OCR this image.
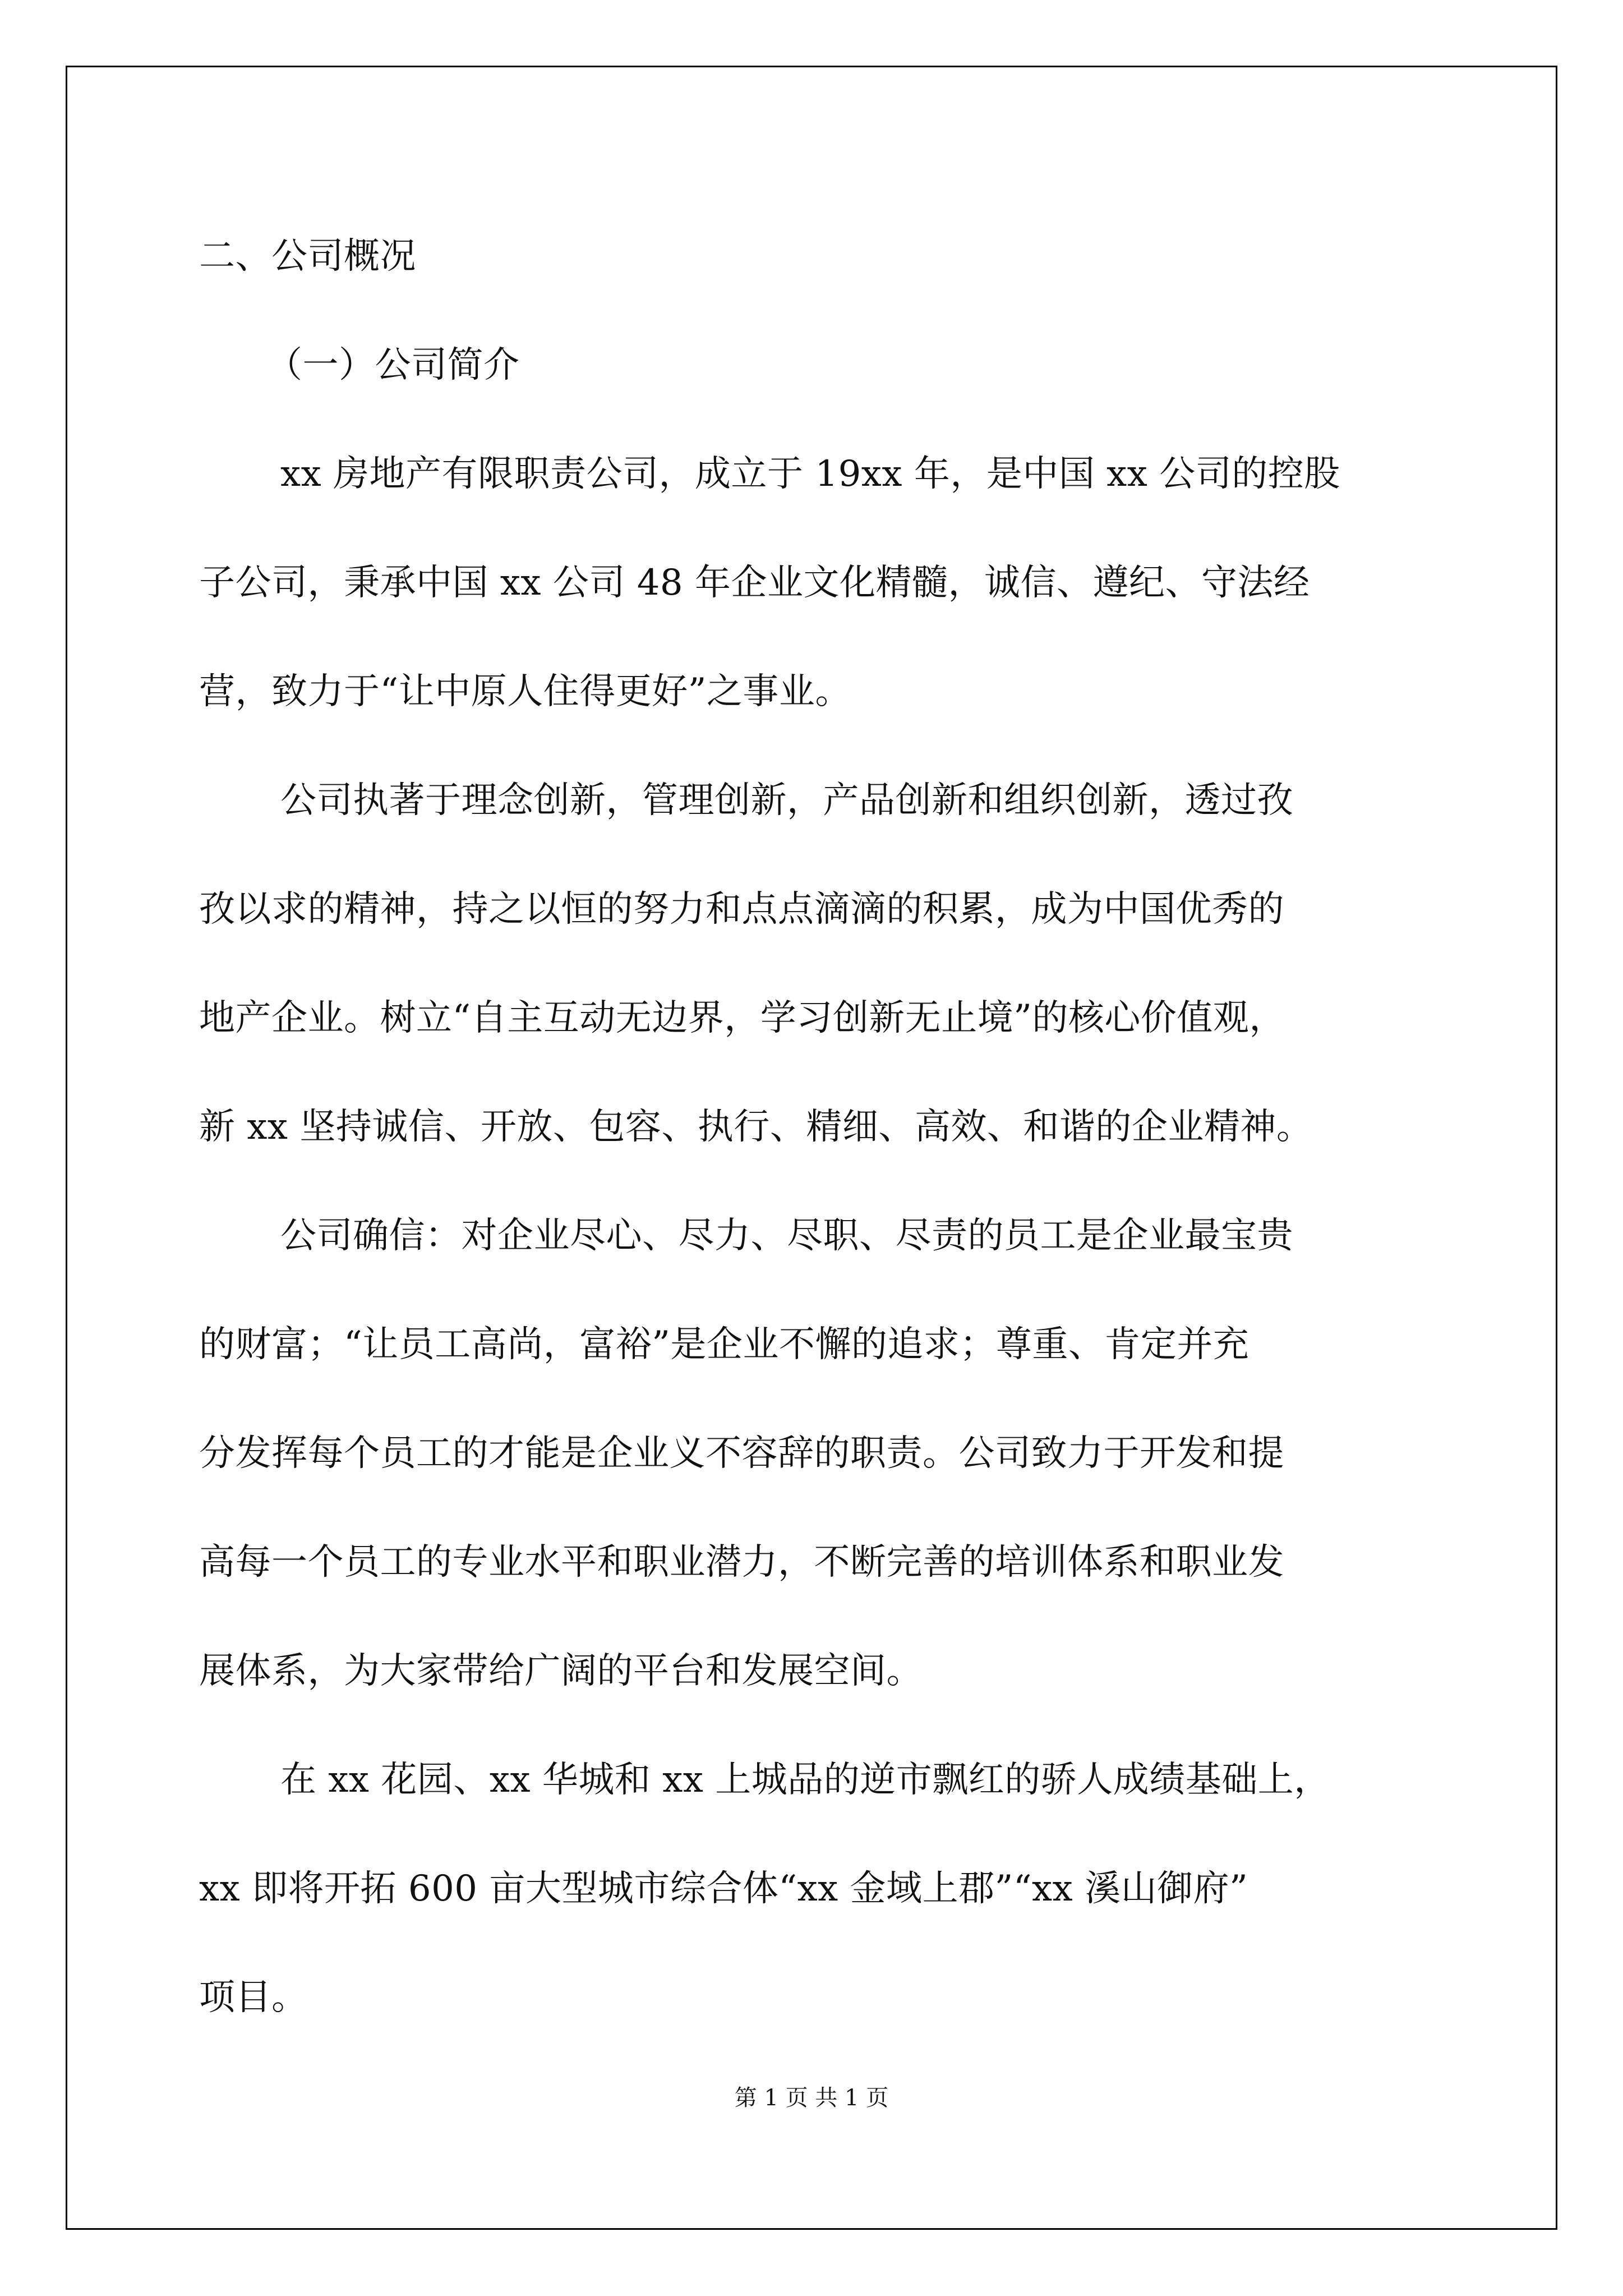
二、公司概况
（一）公司简介
xx 房地产有限职责公司，成立于 19xx 年，是中国 xx 公司的控股
子公司，秉承中国 xx 公司 48 年企业文化精髓，诚信、遵纪、守法经
营，致力于“让中原人住得更好”之事业。
公司执著于理念创新，管理创新，产品创新和组织创新，透过孜
孜以求的精神，持之以恒的努力和点点滴滴的积累，成为中国优秀的
地产企业。树立“自主互动无边界，学习创新无止境”的核心价值观，
新 xx 坚持诚信、开放、包容、执行、精细、高效、和谐的企业精神。
公司确信：对企业尽心、尽力、尽职、尽责的员工是企业最宝贵
的财富；“让员工高尚，富裕”是企业不懈的追求；尊重、肯定并充
分发挥每个员工的才能是企业义不容辞的职责。公司致力于开发和提
高每一个员工的专业水平和职业潜力，不断完善的培训体系和职业发
展体系，为大家带给广阔的平台和发展空间。
在 xx 花园、xx 华城和 xx 上城品的逆市飘红的骄人成绩基础上，
xx 即将开拓 600 亩大型城市综合体“xx 金域上郡”“xx 溪山御府”
项目。
第 1 页 共 1 页
